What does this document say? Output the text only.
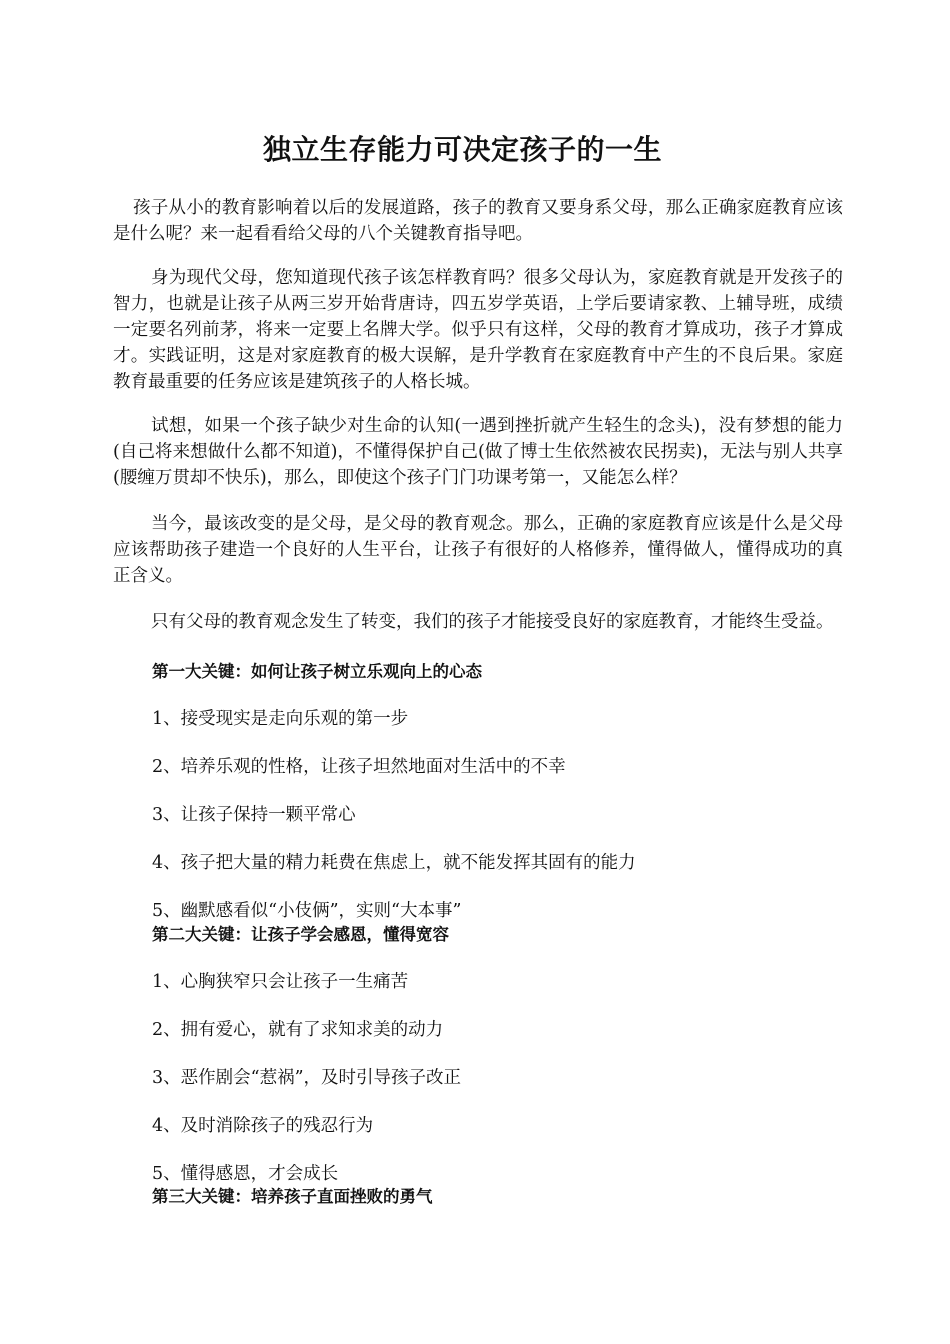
独立生存能力可决定孩子的一生

孩子从小的教育影响着以后的发展道路，孩子的教育又要身系父母，那么正确家庭教育应该是什么呢？来一起看看给父母的八个关键教育指导吧。

身为现代父母，您知道现代孩子该怎样教育吗？很多父母认为，家庭教育就是开发孩子的智力，也就是让孩子从两三岁开始背唐诗，四五岁学英语，上学后要请家教、上辅导班，成绩一定要名列前茅，将来一定要上名牌大学。似乎只有这样，父母的教育才算成功，孩子才算成才。实践证明，这是对家庭教育的极大误解，是升学教育在家庭教育中产生的不良后果。家庭教育最重要的任务应该是建筑孩子的人格长城。

试想，如果一个孩子缺少对生命的认知(一遇到挫折就产生轻生的念头)，没有梦想的能力(自己将来想做什么都不知道)，不懂得保护自己(做了博士生依然被农民拐卖)，无法与别人共享(腰缠万贯却不快乐)，那么，即使这个孩子门门功课考第一，又能怎么样？

当今，最该改变的是父母，是父母的教育观念。那么，正确的家庭教育应该是什么是父母应该帮助孩子建造一个良好的人生平台，让孩子有很好的人格修养，懂得做人，懂得成功的真正含义。

只有父母的教育观念发生了转变，我们的孩子才能接受良好的家庭教育，才能终生受益。

第一大关键：如何让孩子树立乐观向上的心态

1、接受现实是走向乐观的第一步

2、培养乐观的性格，让孩子坦然地面对生活中的不幸

3、让孩子保持一颗平常心

4、孩子把大量的精力耗费在焦虑上，就不能发挥其固有的能力

5、幽默感看似“小伎俩”，实则“大本事”

第二大关键：让孩子学会感恩，懂得宽容

1、心胸狭窄只会让孩子一生痛苦

2、拥有爱心，就有了求知求美的动力

3、恶作剧会“惹祸”，及时引导孩子改正

4、及时消除孩子的残忍行为

5、懂得感恩，才会成长

第三大关键：培养孩子直面挫败的勇气
